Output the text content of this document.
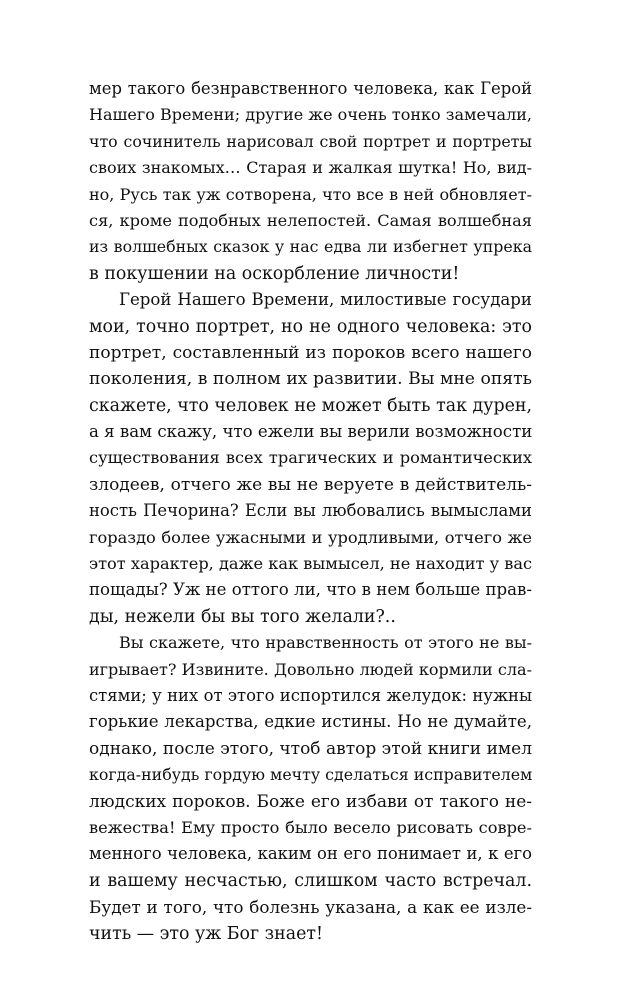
мер такого безнравственного человека, как Герой
Нашего Времени; другие же очень тонко замечали,
что сочинитель нарисовал свой портрет и портреты
своих знакомых… Старая и жалкая шутка! Но, вид-
но, Русь так уж сотворена, что все в ней обновляет-
ся, кроме подобных нелепостей. Самая волшебная
из волшебных сказок у нас едва ли избегнет упрека
в покушении на оскорбление личности!
Герой Нашего Времени, милостивые государи
мои, точно портрет, но не одного человека: это
портрет, составленный из пороков всего нашего
поколения, в полном их развитии. Вы мне опять
скажете, что человек не может быть так дурен,
а я вам скажу, что ежели вы верили возможности
существования всех трагических и романтических
злодеев, отчего же вы не веруете в действитель-
ность Печорина? Если вы любовались вымыслами
гораздо более ужасными и уродливыми, отчего же
этот характер, даже как вымысел, не находит у вас
пощады? Уж не оттого ли, что в нем больше прав-
ды, нежели бы вы того желали?..
Вы скажете, что нравственность от этого не вы-
игрывает? Извините. Довольно людей кормили сла-
стями; у них от этого испортился желудок: нужны
горькие лекарства, едкие истины. Но не думайте,
однако, после этого, чтоб автор этой книги имел
когда-нибудь гордую мечту сделаться исправителем
людских пороков. Боже его избави от такого не-
вежества! Ему просто было весело рисовать совре-
менного человека, каким он его понимает и, к его
и вашему несчастью, слишком часто встречал.
Будет и того, что болезнь указана, а как ее изле-
чить — это уж Бог знает!
